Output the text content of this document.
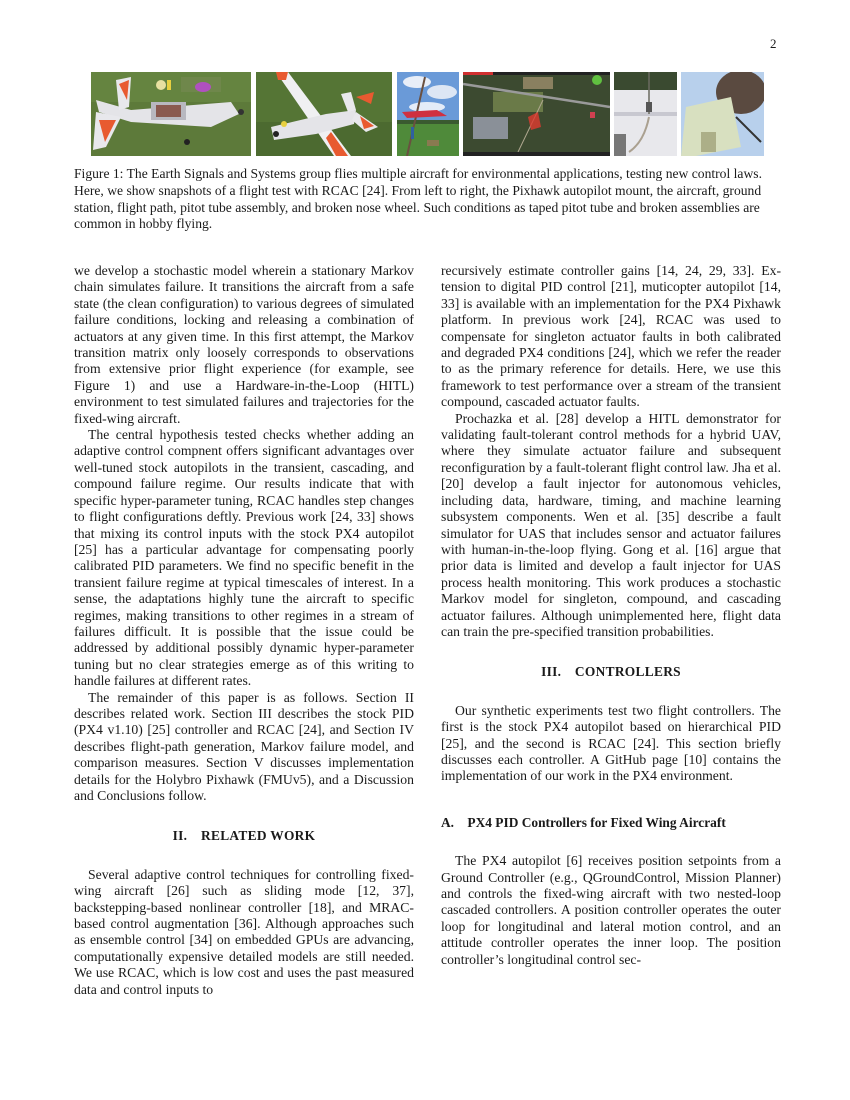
2
Figure 1: The Earth Signals and Systems group flies multiple aircraft for environmental applications, testing new control laws. Here, we show snapshots of a flight test with RCAC [24]. From left to right, the Pixhawk autopilot mount, the aircraft, ground station, flight path, pitot tube assembly, and broken nose wheel. Such conditions as taped pitot tube and broken assemblies are common in hobby flying.

we develop a stochastic model wherein a stationary Markov chain simulates failure. It transitions the aircraft from a safe state (the clean configuration) to various degrees of simulated failure conditions, locking and releasing a combination of actuators at any given time. In this first attempt, the Markov transition matrix only loosely corresponds to observations from extensive prior flight experience (for example, see Figure 1) and use a Hardware-in-the-Loop (HITL) environment to test simulated failures and trajectories for the fixed-wing aircraft.

The central hypothesis tested checks whether adding an adaptive control compnent offers significant advantages over well-tuned stock autopilots in the transient, cascading, and compound failure regime. Our results indicate that with specific hyper-parameter tuning, RCAC handles step changes to flight configurations deftly. Previous work [24, 33] shows that mixing its control inputs with the stock PX4 autopilot [25] has a particular advantage for compensating poorly calibrated PID parameters. We find no specific benefit in the transient failure regime at typical timescales of interest. In a sense, the adaptations highly tune the aircraft to specific regimes, making transitions to other regimes in a stream of failures difficult. It is possible that the issue could be addressed by additional possibly dynamic hyper-parameter tuning but no clear strategies emerge as of this writing to handle failures at different rates.

The remainder of this paper is as follows. Section II describes related work. Section III describes the stock PID (PX4 v1.10) [25] controller and RCAC [24], and Section IV describes flight-path generation, Markov failure model, and comparison measures. Section V discusses implementation details for the Holybro Pixhawk (FMUv5), and a Discussion and Conclusions follow.

II. RELATED WORK

Several adaptive control techniques for controlling fixed-wing aircraft [26] such as sliding mode [12, 37], backstepping-based nonlinear controller [18], and MRAC-based control augmentation [36]. Although approaches such as ensemble control [34] on embedded GPUs are advancing, computationally expensive detailed models are still needed. We use RCAC, which is low cost and uses the past measured data and control inputs to

recursively estimate controller gains [14, 24, 29, 33]. Extension to digital PID control [21], muticopter autopilot [14, 33] is available with an implementation for the PX4 Pixhawk platform. In previous work [24], RCAC was used to compensate for singleton actuator faults in both calibrated and degraded PX4 conditions [24], which we refer the reader to as the primary reference for details. Here, we use this framework to test performance over a stream of the transient compound, cascaded actuator faults.

Prochazka et al. [28] develop a HITL demonstrator for validating fault-tolerant control methods for a hybrid UAV, where they simulate actuator failure and subsequent reconfiguration by a fault-tolerant flight control law. Jha et al. [20] develop a fault injector for autonomous vehicles, including data, hardware, timing, and machine learning subsystem components. Wen et al. [35] describe a fault simulator for UAS that includes sensor and actuator failures with human-in-the-loop flying. Gong et al. [16] argue that prior data is limited and develop a fault injector for UAS process health monitoring. This work produces a stochastic Markov model for singleton, compound, and cascading actuator failures. Although unimplemented here, flight data can train the pre-specified transition probabilities.

III. CONTROLLERS

Our synthetic experiments test two flight controllers. The first is the stock PX4 autopilot based on hierarchical PID [25], and the second is RCAC [24]. This section briefly discusses each controller. A GitHub page [10] contains the implementation of our work in the PX4 environment.

A. PX4 PID Controllers for Fixed Wing Aircraft

The PX4 autopilot [6] receives position setpoints from a Ground Controller (e.g., QGroundControl, Mission Planner) and controls the fixed-wing aircraft with two nested-loop cascaded controllers. A position controller operates the outer loop for longitudinal and lateral motion control, and an attitude controller operates the inner loop. The position controller’s longitudinal control sec-
